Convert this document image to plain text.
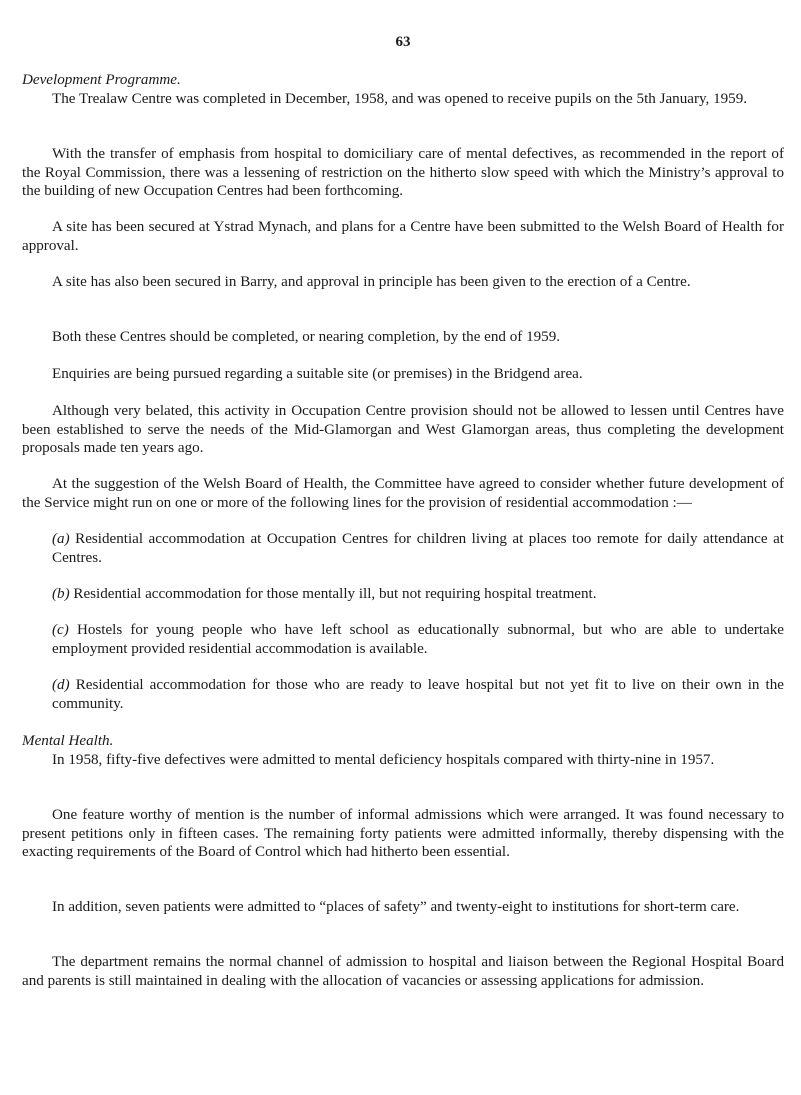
63

Development Programme.

The Trealaw Centre was completed in December, 1958, and was opened to receive pupils on the 5th January, 1959.

With the transfer of emphasis from hospital to domiciliary care of mental defectives, as recommended in the report of the Royal Commission, there was a lessening of restriction on the hitherto slow speed with which the Ministry’s approval to the building of new Occupation Centres had been forthcoming.

A site has been secured at Ystrad Mynach, and plans for a Centre have been submitted to the Welsh Board of Health for approval.

A site has also been secured in Barry, and approval in principle has been given to the erection of a Centre.

Both these Centres should be completed, or nearing completion, by the end of 1959.

Enquiries are being pursued regarding a suitable site (or premises) in the Bridgend area.

Although very belated, this activity in Occupation Centre provision should not be allowed to lessen until Centres have been established to serve the needs of the Mid-Glamorgan and West Glamorgan areas, thus completing the development proposals made ten years ago.

At the suggestion of the Welsh Board of Health, the Committee have agreed to consider whether future development of the Service might run on one or more of the following lines for the provision of residential accommodation :—

(a) Residential accommodation at Occupation Centres for children living at places too remote for daily attendance at Centres.

(b) Residential accommodation for those mentally ill, but not requiring hospital treatment.

(c) Hostels for young people who have left school as educationally subnormal, but who are able to undertake employment provided residential accommodation is available.

(d) Residential accommodation for those who are ready to leave hospital but not yet fit to live on their own in the community.

Mental Health.

In 1958, fifty-five defectives were admitted to mental deficiency hospitals compared with thirty-nine in 1957.

One feature worthy of mention is the number of informal admissions which were arranged. It was found necessary to present petitions only in fifteen cases. The remaining forty patients were admitted informally, thereby dispensing with the exacting requirements of the Board of Control which had hitherto been essential.

In addition, seven patients were admitted to “places of safety” and twenty-eight to institutions for short-term care.

The department remains the normal channel of admission to hospital and liaison between the Regional Hospital Board and parents is still maintained in dealing with the allocation of vacancies or assessing applications for admission.
